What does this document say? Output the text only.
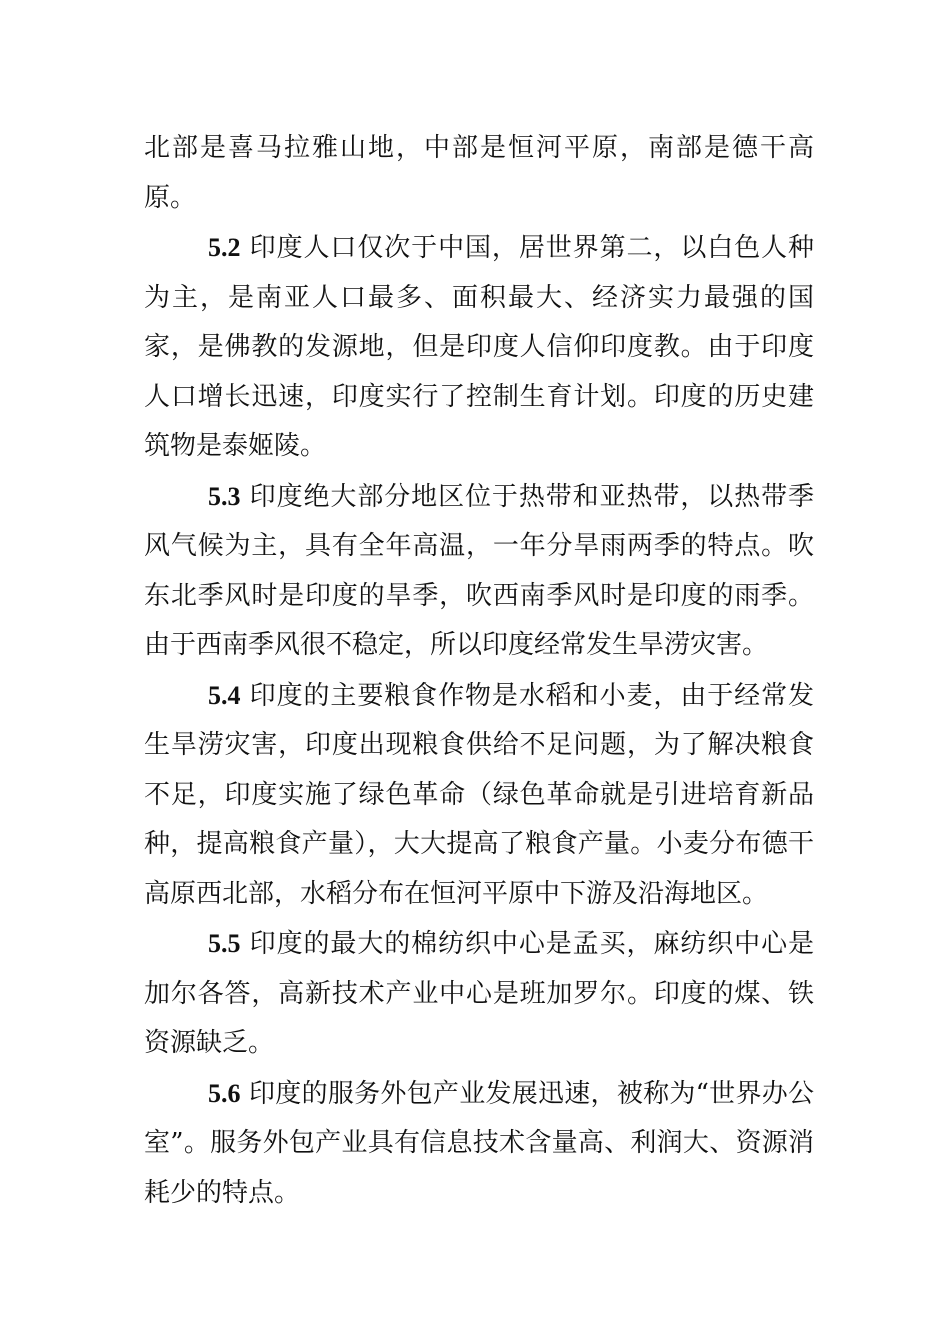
北部是喜马拉雅山地，中部是恒河平原，南部是德干高原。

5.2 印度人口仅次于中国，居世界第二，以白色人种为主，是南亚人口最多、面积最大、经济实力最强的国家，是佛教的发源地，但是印度人信仰印度教。由于印度人口增长迅速，印度实行了控制生育计划。印度的历史建筑物是泰姬陵。

5.3 印度绝大部分地区位于热带和亚热带，以热带季风气候为主，具有全年高温，一年分旱雨两季的特点。吹东北季风时是印度的旱季，吹西南季风时是印度的雨季。由于西南季风很不稳定，所以印度经常发生旱涝灾害。

5.4 印度的主要粮食作物是水稻和小麦，由于经常发生旱涝灾害，印度出现粮食供给不足问题，为了解决粮食不足，印度实施了绿色革命（绿色革命就是引进培育新品种，提高粮食产量），大大提高了粮食产量。小麦分布德干高原西北部，水稻分布在恒河平原中下游及沿海地区。

5.5 印度的最大的棉纺织中心是孟买，麻纺织中心是加尔各答，高新技术产业中心是班加罗尔。印度的煤、铁资源缺乏。

5.6 印度的服务外包产业发展迅速，被称为“世界办公室”。服务外包产业具有信息技术含量高、利润大、资源消耗少的特点。
